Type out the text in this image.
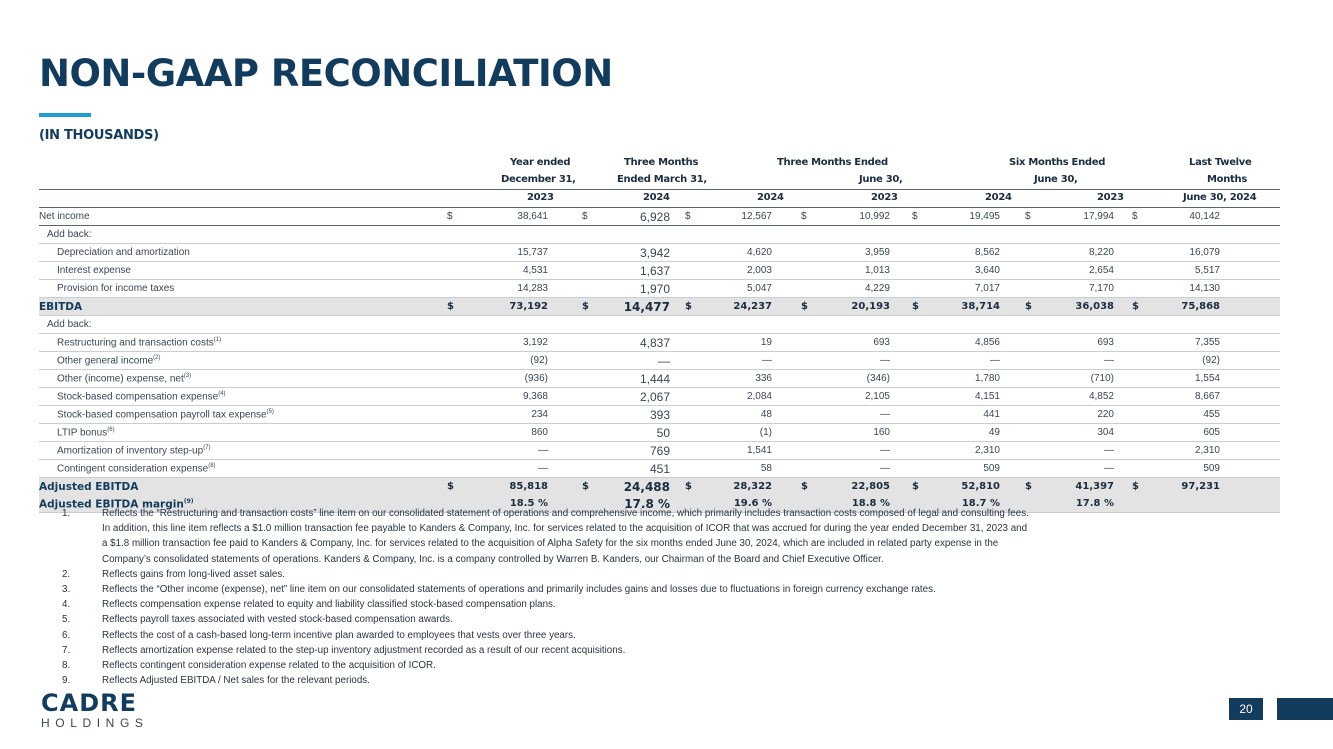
NON-GAAP RECONCILIATION
(IN THOUSANDS)
Year ended	Three Months	Three Months Ended	Six Months Ended	Last Twelve
December 31,	Ended March 31,	June 30,	June 30,	Months
2023	2024	2024	2023	2024	2023	June 30, 2024
Net income	$	38,641	$	6,928 $	12,567	$	10,992 $	19,495	$	17,994 $	40,142
Add back:
Depreciation and amortization	15,737	3,942	4,620	3,959	8,562	8,220	16,079
Interest expense	4,531	1,637	2,003	1,013	3,640	2,654	5,517
Provision for income taxes	14,283	1,970	5,047	4,229	7,017	7,170	14,130
EBITDA	$	73,192	$	14,477 $	24,237	$	20,193 $	38,714	$	36,038 $	75,868
Add back:
Restructuring and transaction costs$^{(1)}$	3,192	4,837	19	693	4,856	693	7,355
Other general income$^{(2)}$	(92)	—	—	—	—	—	(92)
Other (income) expense, net$^{(3)}$	(936)	1,444	336	(346)	1,780	(710)	1,554
Stock-based compensation expense$^{(4)}$	9,368	2,067	2,084	2,105	4,151	4,852	8,667
Stock-based compensation payroll tax expense$^{(5)}$	234	393	48	—	441	220	455
LTIP bonus$^{(6)}$	860	50	(1)	160	49	304	605
Amortization of inventory step-$up^{(7)}$	—	769	1,541	—	2,310	—	2,310
Contingent consideration expense$^{(8)}$	—	451	58	—	509	—	509
Adjusted EBITDA	$	85,818	$	24,488 $	28,322	$	22,805 $	52,810	$	41,397 $	97,231
Adjusted EBITDA margin$^{(9)}$	18.5 %	17.8 %	19.6 %	18.8 %	18.7 %	17.8 %
1.	Reflects the “Restructuring and transaction costs” line item on our consolidated statement of operations and comprehensive income, which primarily includes transaction costs composed of legal and consulting fees.
In addition, this line item reflects a $1.0 million transaction fee payable to Kanders & Company, Inc. for services related to the acquisition of ICOR that was accrued for during the year ended December 31, 2023 and
a $1.8 million transaction fee paid to Kanders & Company, Inc. for services related to the acquisition of Alpha Safety for the six months ended June 30, 2024, which are included in related party expense in the
Company’s consolidated statements of operations. Kanders & Company, Inc. is a company controlled by Warren B. Kanders, our Chairman of the Board and Chief Executive Officer.
2.	Reflects gains from long-lived asset sales.
3.	Reflects the “Other income (expense), net” line item on our consolidated statements of operations and primarily includes gains and losses due to fluctuations in foreign currency exchange rates.
4.	Reflects compensation expense related to equity and liability classified stock-based compensation plans.
5.	Reflects payroll taxes associated with vested stock-based compensation awards.
6.	Reflects the cost of a cash-based long-term incentive plan awarded to employees that vests over three years.
7.	Reflects amortization expense related to the step-up inventory adjustment recorded as a result of our recent acquisitions.
8.	Reflects contingent consideration expense related to the acquisition of ICOR.
9.	Reflects Adjusted EBITDA / Net sales for the relevant periods.
CADRE
HOLDINGS
20
